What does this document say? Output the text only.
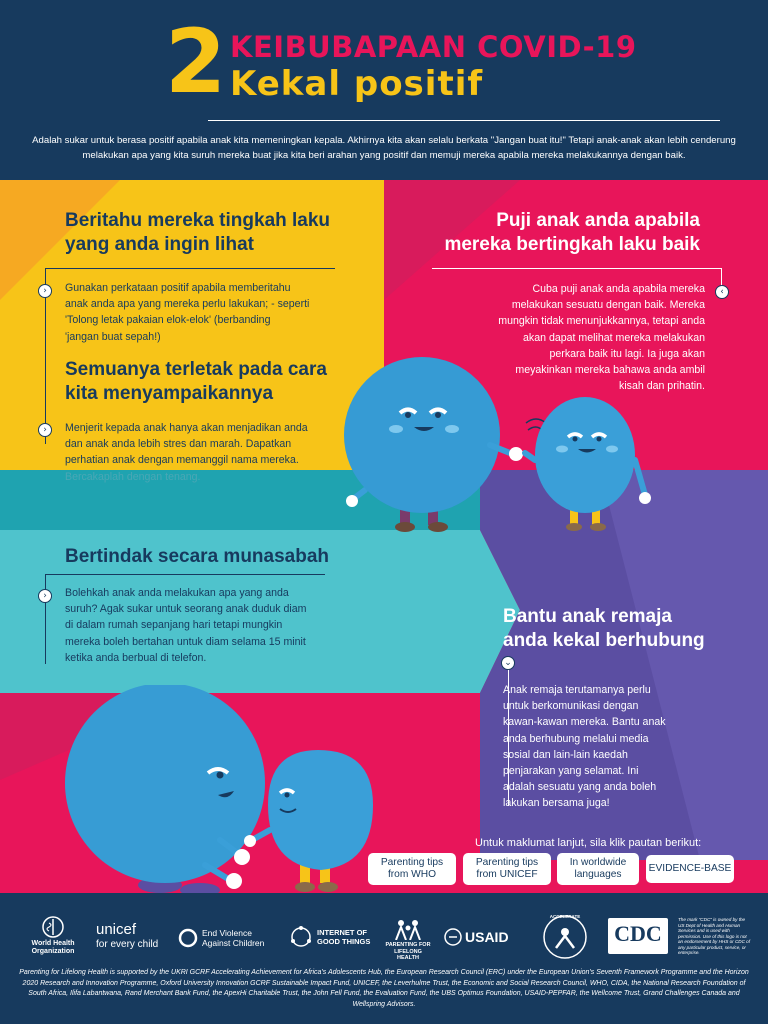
2 KEIBUBAPAAN COVID-19
Kekal positif
Adalah sukar untuk berasa positif apabila anak kita memeningkan kepala. Akhirnya kita akan selalu berkata "Jangan buat itu!" Tetapi anak-anak akan lebih cenderung melakukan apa yang kita suruh mereka buat jika kita beri arahan yang positif dan memuji mereka apabila mereka melakukannya dengan baik.
Beritahu mereka tingkah laku
yang anda ingin lihat
›	Gunakan perkataan positif apabila memberitahu
anak anda apa yang mereka perlu lakukan; - seperti
'Tolong letak pakaian elok-elok' (berbanding
'jangan buat sepah!)
Semuanya terletak pada cara
kita menyampaikannya
›	Menjerit kepada anak hanya akan menjadikan anda
dan anak anda lebih stres dan marah. Dapatkan
perhatian anak dengan memanggil nama mereka.
Bercakaplah dengan tenang.
Puji anak anda apabila
mereka bertingkah laku baik
‹
Cuba puji anak anda apabila mereka
melakukan sesuatu dengan baik. Mereka
mungkin tidak menunjukkannya, tetapi anda
akan dapat melihat mereka melakukan
perkara baik itu lagi. Ia juga akan
meyakinkan mereka bahawa anda ambil
kisah dan prihatin.
Bertindak secara munasabah
›	Bolehkah anak anda melakukan apa yang anda
suruh? Agak sukar untuk seorang anak duduk diam
di dalam rumah sepanjang hari tetapi mungkin
mereka boleh bertahan untuk diam selama 15 minit
ketika anda berbual di telefon.
Bantu anak remaja
anda kekal berhubung
⌄
Anak remaja terutamanya perlu
untuk berkomunikasi dengan
kawan-kawan mereka. Bantu anak
anda berhubung melalui media
sosial dan lain-lain kaedah
penjarakan yang selamat. Ini
adalah sesuatu yang anda boleh
lakukan bersama juga!
Untuk maklumat lanjut, sila klik pautan berikut:
Parenting tips
from WHO
Parenting tips
from UNICEF
In worldwide
languages
EVIDENCE-BASE
World Health
Organization
unicef
for every child
End Violence
Against Children
INTERNET OF
GOOD THINGS	PARENTING FOR
LIFELONG HEALTH
USAID
ACCELERATE
CDC
The mark "CDC" is owned by the US Dept of Health and Human Services and is used with permission. Use of this logo is not an endorsement by HHS or CDC of any particular product, service, or enterprise.
Parenting for Lifelong Health is supported by the UKRI GCRF Accelerating Achievement for Africa's Adolescents Hub, the European Research Council (ERC) under the European Union's Seventh Framework Programme and the Horizon 2020 Research and Innovation Programme, Oxford University Innovation GCRF Sustainable Impact Fund, UNICEF, the Leverhulme Trust, the Economic and Social Research Council, WHO, CIDA, the National Research Foundation of South Africa, Ilifa Labantwana, Rand Merchant Bank Fund, the ApexHi Charitable Trust, the John Fell Fund, the Evaluation Fund, the UBS Optimus Foundation, USAID-PEPFAR, the Wellcome Trust, Grand Challenges Canada and Wellspring Advisors.
